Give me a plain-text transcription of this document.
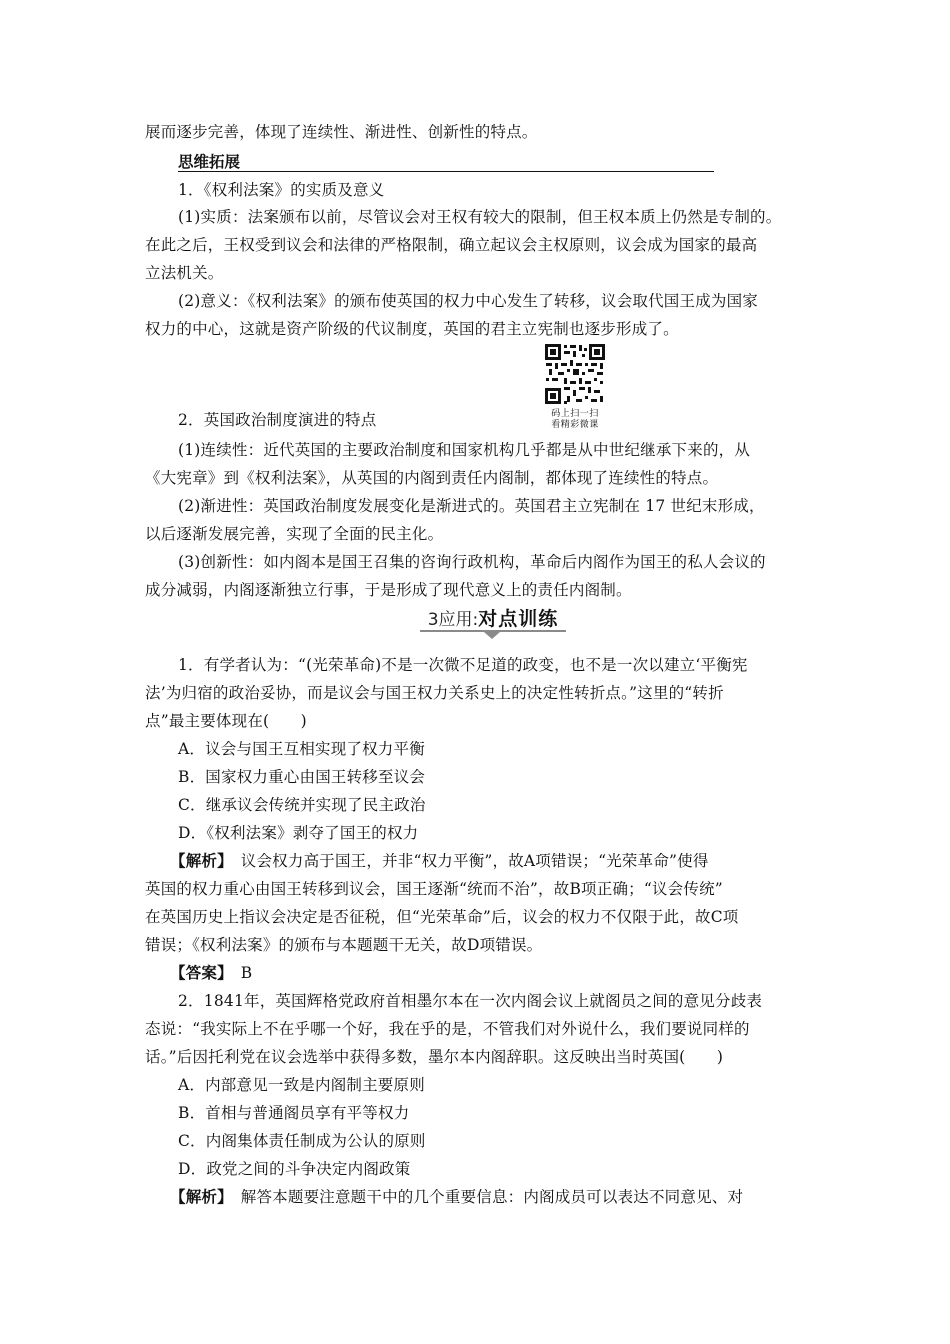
展而逐步完善，体现了连续性、渐进性、创新性的特点。
思维拓展
1．《权利法案》的实质及意义
(1)实质：法案颁布以前，尽管议会对王权有较大的限制，但王权本质上仍然是专制的。
在此之后，王权受到议会和法律的严格限制，确立起议会主权原则，议会成为国家的最高
立法机关。
(2)意义：《权利法案》的颁布使英国的权力中心发生了转移，议会取代国王成为国家
权力的中心，这就是资产阶级的代议制度，英国的君主立宪制也逐步形成了。
码上扫一扫
看精彩微课
2．英国政治制度演进的特点
(1)连续性：近代英国的主要政治制度和国家机构几乎都是从中世纪继承下来的，从
《大宪章》到《权利法案》，从英国的内阁到责任内阁制，都体现了连续性的特点。
(2)渐进性：英国政治制度发展变化是渐进式的。英国君主立宪制在 17 世纪末形成，
以后逐渐发展完善，实现了全面的民主化。
(3)创新性：如内阁本是国王召集的咨询行政机构，革命后内阁作为国王的私人会议的
成分减弱，内阁逐渐独立行事，于是形成了现代意义上的责任内阁制。
3应用:对点训练
1．有学者认为：“(光荣革命)不是一次微不足道的政变，也不是一次以建立‘平衡宪
法’为归宿的政治妥协，而是议会与国王权力关系史上的决定性转折点。”这里的“转折
点”最主要体现在(　　)
A．议会与国王互相实现了权力平衡
B．国家权力重心由国王转移至议会
C．继承议会传统并实现了民主政治
D．《权利法案》剥夺了国王的权力
【解析】　议会权力高于国王，并非“权力平衡”，故A项错误；“光荣革命”使得
英国的权力重心由国王转移到议会，国王逐渐“统而不治”，故B项正确；“议会传统”
在英国历史上指议会决定是否征税，但“光荣革命”后，议会的权力不仅限于此，故C项
错误；《权利法案》的颁布与本题题干无关，故D项错误。
【答案】　B
2．1841年，英国辉格党政府首相墨尔本在一次内阁会议上就阁员之间的意见分歧表
态说：“我实际上不在乎哪一个好，我在乎的是，不管我们对外说什么，我们要说同样的
话。”后因托利党在议会选举中获得多数，墨尔本内阁辞职。这反映出当时英国(　　)
A．内部意见一致是内阁制主要原则
B．首相与普通阁员享有平等权力
C．内阁集体责任制成为公认的原则
D．政党之间的斗争决定内阁政策
【解析】　解答本题要注意题干中的几个重要信息：内阁成员可以表达不同意见、对
